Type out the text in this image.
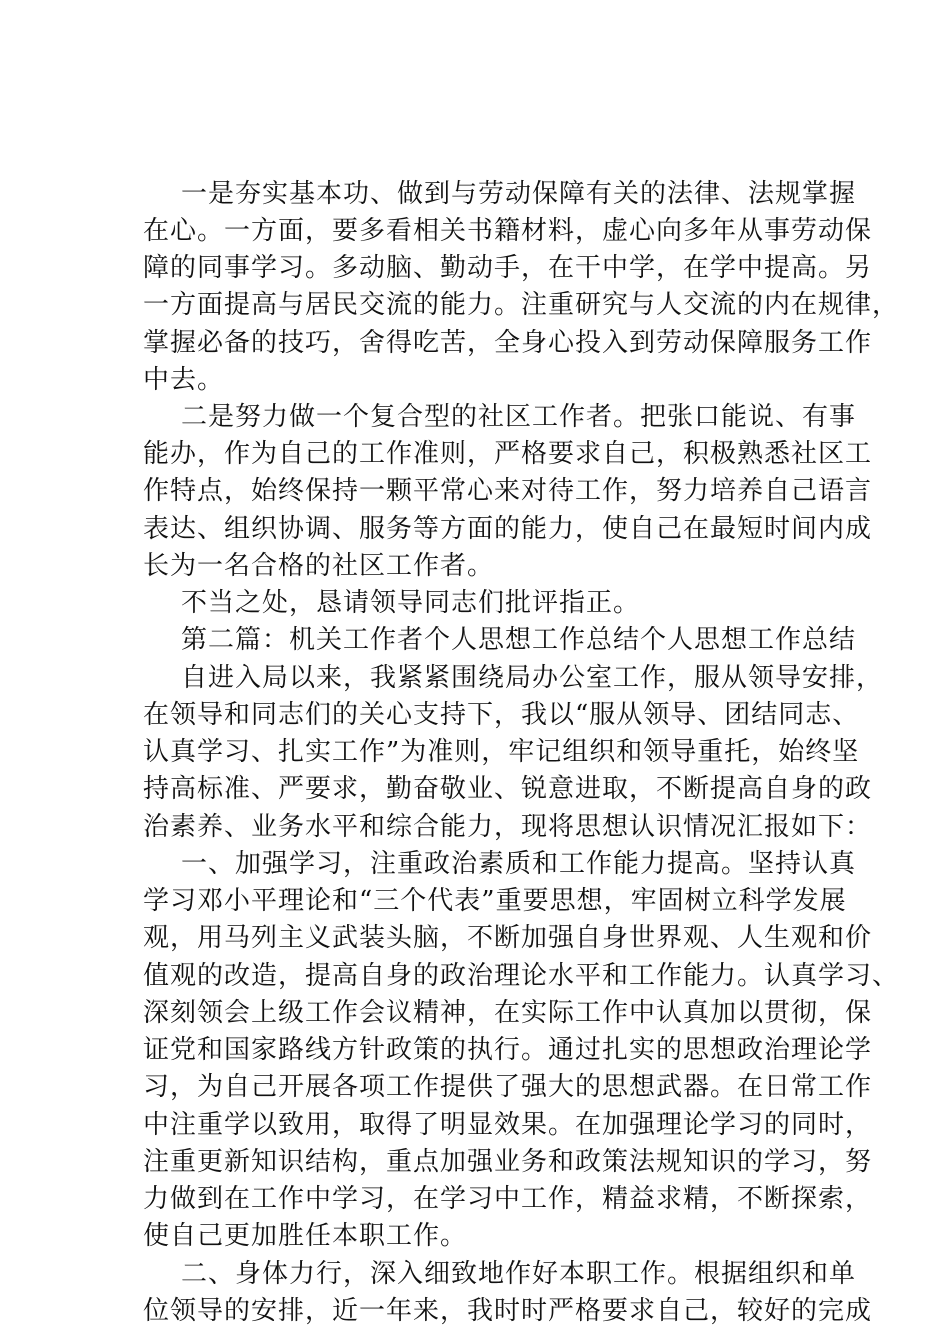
一是夯实基本功、做到与劳动保障有关的法律、法规掌握
在心。一方面，要多看相关书籍材料，虚心向多年从事劳动保
障的同事学习。多动脑、勤动手，在干中学，在学中提高。另
一方面提高与居民交流的能力。注重研究与人交流的内在规律，
掌握必备的技巧，舍得吃苦，全身心投入到劳动保障服务工作
中去。
二是努力做一个复合型的社区工作者。把张口能说、有事
能办，作为自己的工作准则，严格要求自己，积极熟悉社区工
作特点，始终保持一颗平常心来对待工作，努力培养自己语言
表达、组织协调、服务等方面的能力，使自己在最短时间内成
长为一名合格的社区工作者。
不当之处，恳请领导同志们批评指正。
第二篇：机关工作者个人思想工作总结个人思想工作总结
自进入局以来，我紧紧围绕局办公室工作，服从领导安排，
在领导和同志们的关心支持下，我以“服从领导、团结同志、
认真学习、扎实工作”为准则，牢记组织和领导重托，始终坚
持高标准、严要求，勤奋敬业、锐意进取，不断提高自身的政
治素养、业务水平和综合能力，现将思想认识情况汇报如下：
一、加强学习，注重政治素质和工作能力提高。坚持认真
学习邓小平理论和“三个代表”重要思想，牢固树立科学发展
观，用马列主义武装头脑，不断加强自身世界观、人生观和价
值观的改造，提高自身的政治理论水平和工作能力。认真学习、
深刻领会上级工作会议精神，在实际工作中认真加以贯彻，保
证党和国家路线方针政策的执行。通过扎实的思想政治理论学
习，为自己开展各项工作提供了强大的思想武器。在日常工作
中注重学以致用，取得了明显效果。在加强理论学习的同时，
注重更新知识结构，重点加强业务和政策法规知识的学习，努
力做到在工作中学习，在学习中工作，精益求精，不断探索，
使自己更加胜任本职工作。
二、身体力行，深入细致地作好本职工作。根据组织和单
位领导的安排，近一年来，我时时严格要求自己，较好的完成
